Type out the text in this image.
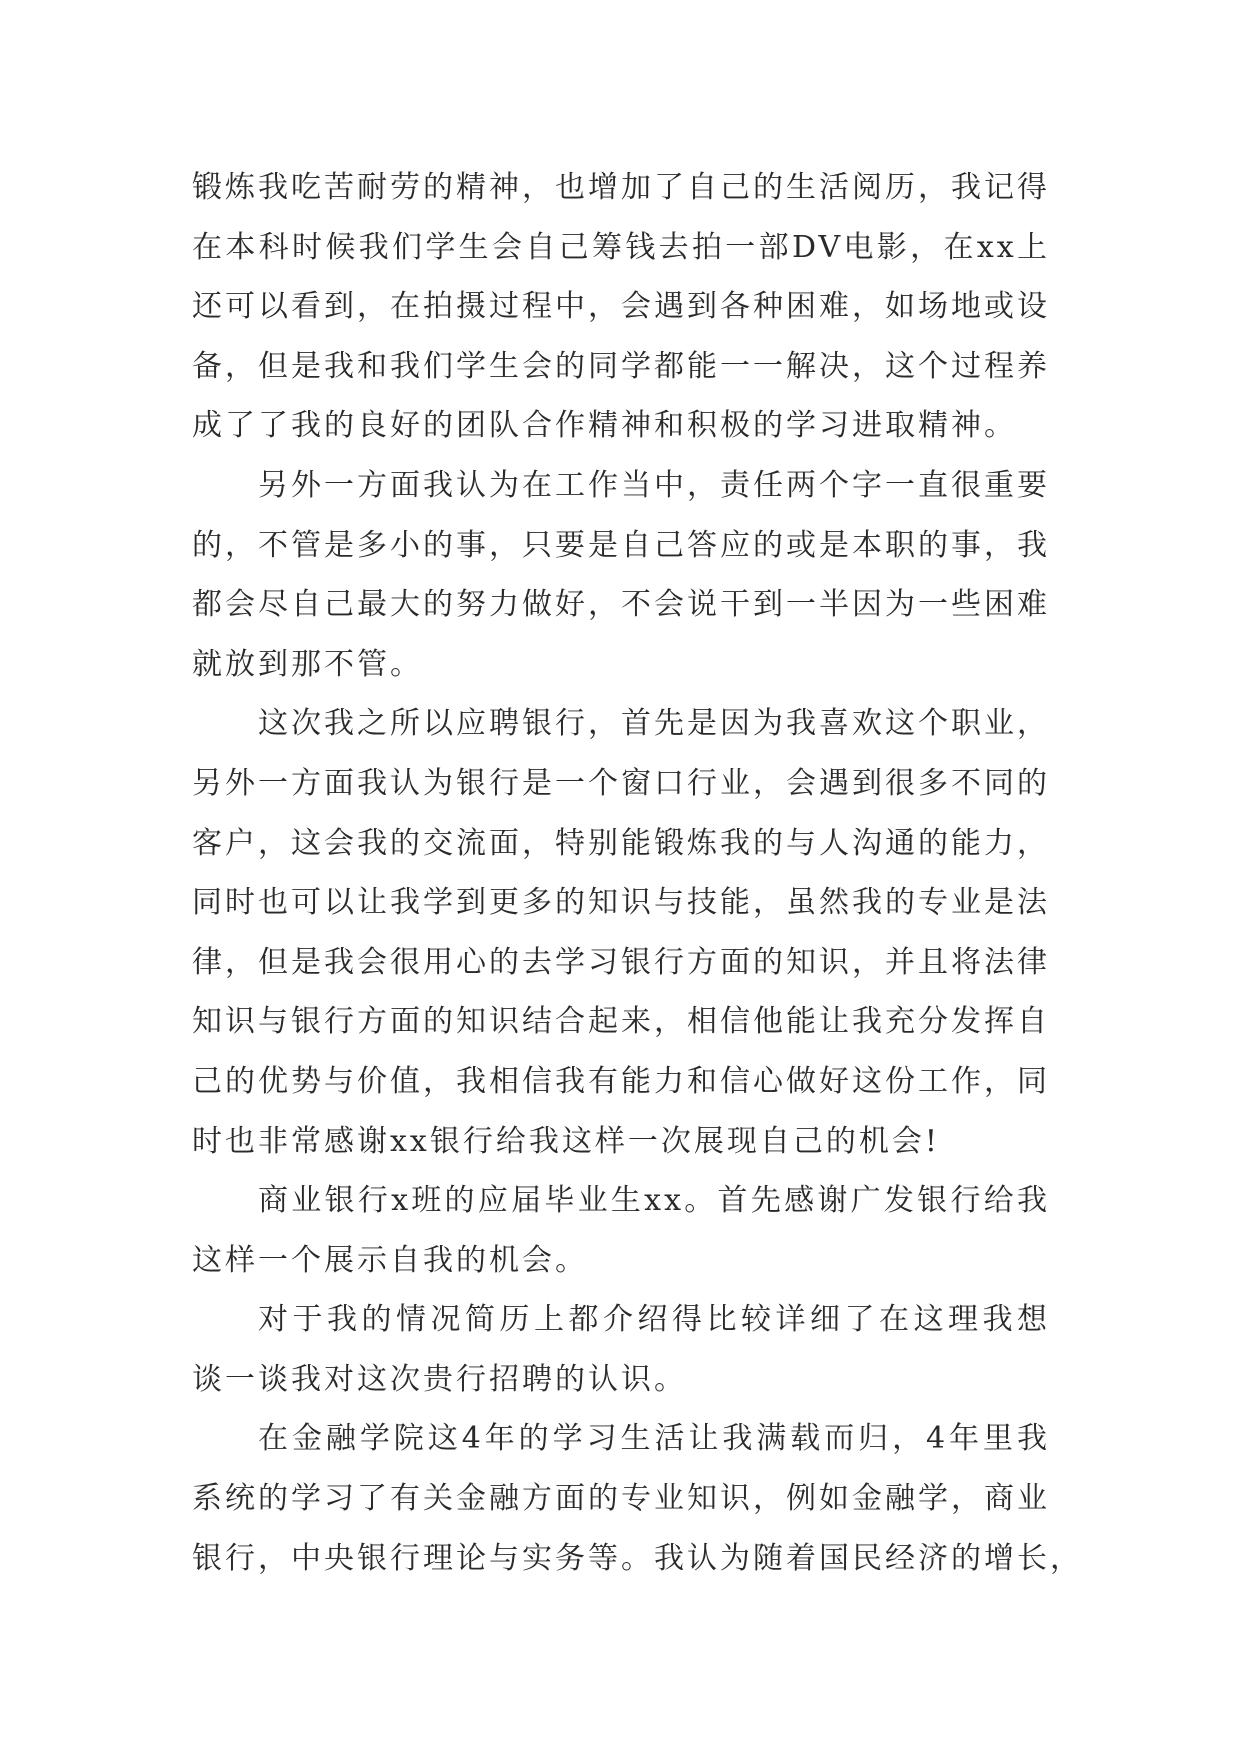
锻炼我吃苦耐劳的精神，也增加了自己的生活阅历，我记得
在本科时候我们学生会自己筹钱去拍一部DV电影，在xx上
还可以看到，在拍摄过程中，会遇到各种困难，如场地或设
备，但是我和我们学生会的同学都能一一解决，这个过程养
成了了我的良好的团队合作精神和积极的学习进取精神。
另外一方面我认为在工作当中，责任两个字一直很重要
的，不管是多小的事，只要是自己答应的或是本职的事，我
都会尽自己最大的努力做好，不会说干到一半因为一些困难
就放到那不管。
这次我之所以应聘银行，首先是因为我喜欢这个职业，
另外一方面我认为银行是一个窗口行业，会遇到很多不同的
客户，这会我的交流面，特别能锻炼我的与人沟通的能力，
同时也可以让我学到更多的知识与技能，虽然我的专业是法
律，但是我会很用心的去学习银行方面的知识，并且将法律
知识与银行方面的知识结合起来，相信他能让我充分发挥自
己的优势与价值，我相信我有能力和信心做好这份工作，同
时也非常感谢xx银行给我这样一次展现自己的机会!
商业银行x班的应届毕业生xx。首先感谢广发银行给我
这样一个展示自我的机会。
对于我的情况简历上都介绍得比较详细了在这理我想
谈一谈我对这次贵行招聘的认识。
在金融学院这4年的学习生活让我满载而归，4年里我
系统的学习了有关金融方面的专业知识，例如金融学，商业
银行，中央银行理论与实务等。我认为随着国民经济的增长，
